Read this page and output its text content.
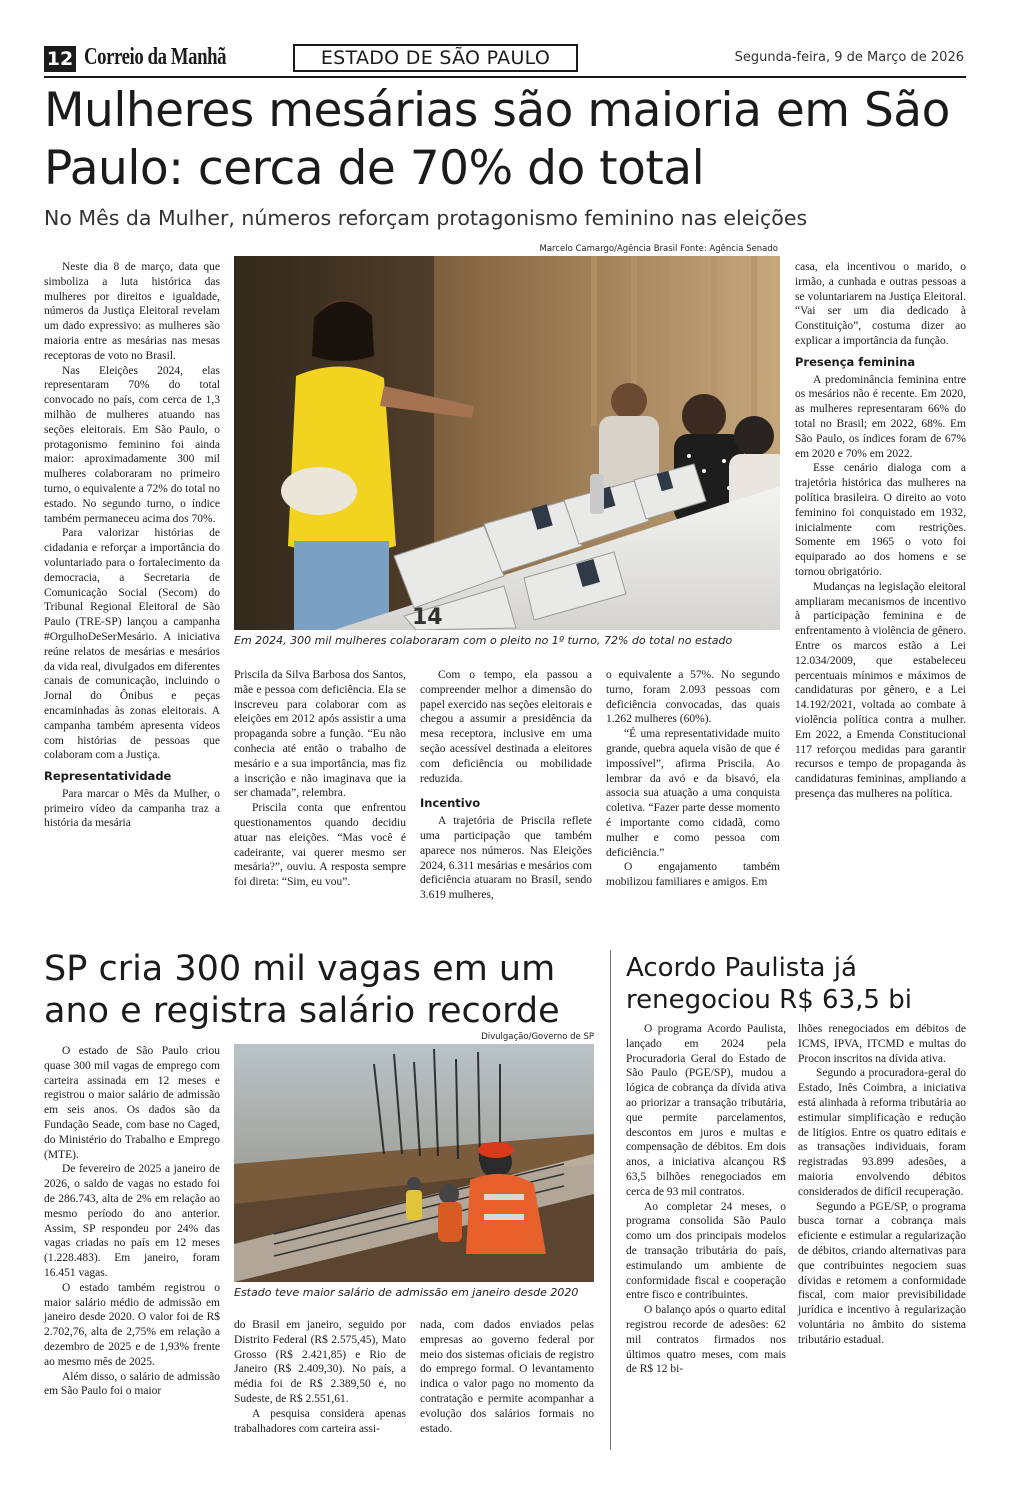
12 Correio da Manhã	ESTADO DE SÃO PAULO	Segunda-feira, 9 de Março de 2026
Mulheres mesárias são maioria em São Paulo: cerca de 70% do total
No Mês da Mulher, números reforçam protagonismo feminino nas eleições
Marcelo Camargo/Agência Brasil Fonte: Agência Senado
14
Em 2024, 300 mil mulheres colaboraram com o pleito no 1º turno, 72% do total no estado

Neste dia 8 de março, data que simboliza a luta histórica das mulheres por direitos e igualdade, números da Justiça Eleitoral revelam um dado expressivo: as mulheres são maioria entre as mesárias nas mesas receptoras de voto no Brasil.

Nas Eleições 2024, elas representaram 70% do total convocado no país, com cerca de 1,3 milhão de mulheres atuando nas seções eleitorais. Em São Paulo, o protagonismo feminino foi ainda maior: aproximadamente 300 mil mulheres colaboraram no primeiro turno, o equivalente a 72% do total no estado. No segundo turno, o índice também permaneceu acima dos 70%.

Para valorizar histórias de cidadania e reforçar a importância do voluntariado para o fortalecimento da democracia, a Secretaria de Comunicação Social (Secom) do Tribunal Regional Eleitoral de São Paulo (TRE-SP) lançou a campanha #OrgulhoDeSerMesário. A iniciativa reúne relatos de mesárias e mesários da vida real, divulgados em diferentes canais de comunicação, incluindo o Jornal do Ônibus e peças encaminhadas às zonas eleitorais. A campanha também apresenta vídeos com histórias de pessoas que colaboram com a Justiça.

Representatividade

Para marcar o Mês da Mulher, o primeiro vídeo da campanha traz a história da mesária

Priscila da Silva Barbosa dos Santos, mãe e pessoa com deficiência. Ela se inscreveu para colaborar com as eleições em 2012 após assistir a uma propaganda sobre a função. “Eu não conhecia até então o trabalho de mesário e a sua importância, mas fiz a inscrição e não imaginava que ia ser chamada”, relembra.

Priscila conta que enfrentou questionamentos quando decidiu atuar nas eleições. “Mas você é cadeirante, vai querer mesmo ser mesária?”, ouviu. A resposta sempre foi direta: “Sim, eu vou”.

Com o tempo, ela passou a compreender melhor a dimensão do papel exercido nas seções eleitorais e chegou a assumir a presidência da mesa receptora, inclusive em uma seção acessível destinada a eleitores com deficiência ou mobilidade reduzida.

Incentivo

A trajetória de Priscila reflete uma participação que também aparece nos números. Nas Eleições 2024, 6.311 mesárias e mesários com deficiência atuaram no Brasil, sendo 3.619 mulheres,

o equivalente a 57%. No segundo turno, foram 2.093 pessoas com deficiência convocadas, das quais 1.262 mulheres (60%).

“É uma representatividade muito grande, quebra aquela visão de que é impossível”, afirma Priscila. Ao lembrar da avó e da bisavó, ela associa sua atuação a uma conquista coletiva. “Fazer parte desse momento é importante como cidadã, como mulher e como pessoa com deficiência.”

O engajamento também mobilizou familiares e amigos. Em

casa, ela incentivou o marido, o irmão, a cunhada e outras pessoas a se voluntariarem na Justiça Eleitoral. “Vai ser um dia dedicado à Constituição”, costuma dizer ao explicar a importância da função.

Presença feminina

A predominância feminina entre os mesários não é recente. Em 2020, as mulheres representaram 66% do total no Brasil; em 2022, 68%. Em São Paulo, os índices foram de 67% em 2020 e 70% em 2022.

Esse cenário dialoga com a trajetória histórica das mulheres na política brasileira. O direito ao voto feminino foi conquistado em 1932, inicialmente com restrições. Somente em 1965 o voto foi equiparado ao dos homens e se tornou obrigatório.

Mudanças na legislação eleitoral ampliaram mecanismos de incentivo à participação feminina e de enfrentamento à violência de gênero. Entre os marcos estão a Lei 12.034/2009, que estabeleceu percentuais mínimos e máximos de candidaturas por gênero, e a Lei 14.192/2021, voltada ao combate à violência política contra a mulher. Em 2022, a Emenda Constitucional 117 reforçou medidas para garantir recursos e tempo de propaganda às candidaturas femininas, ampliando a presença das mulheres na política.

SP cria 300 mil vagas em um ano e registra salário recorde
Divulgação/Governo de SP
Estado teve maior salário de admissão em janeiro desde 2020

O estado de São Paulo criou quase 300 mil vagas de emprego com carteira assinada em 12 meses e registrou o maior salário de admissão em seis anos. Os dados são da Fundação Seade, com base no Caged, do Ministério do Trabalho e Emprego (MTE).

De fevereiro de 2025 a janeiro de 2026, o saldo de vagas no estado foi de 286.743, alta de 2% em relação ao mesmo período do ano anterior. Assim, SP respondeu por 24% das vagas criadas no país em 12 meses (1.228.483). Em janeiro, foram 16.451 vagas.

O estado também registrou o maior salário médio de admissão em janeiro desde 2020. O valor foi de R$ 2.702,76, alta de 2,75% em relação a dezembro de 2025 e de 1,93% frente ao mesmo mês de 2025.

Além disso, o salário de admissão em São Paulo foi o maior

do Brasil em janeiro, seguido por Distrito Federal (R$ 2.575,45), Mato Grosso (R$ 2.421,85) e Rio de Janeiro (R$ 2.409,30). No país, a média foi de R$ 2.389,50 e, no Sudeste, de R$ 2.551,61.

A pesquisa considera apenas trabalhadores com carteira assi-

nada, com dados enviados pelas empresas ao governo federal por meio dos sistemas oficiais de registro do emprego formal. O levantamento indica o valor pago no momento da contratação e permite acompanhar a evolução dos salários formais no estado.

Acordo Paulista já renegociou R$ 63,5 bi

O programa Acordo Paulista, lançado em 2024 pela Procuradoria Geral do Estado de São Paulo (PGE/SP), mudou a lógica de cobrança da dívida ativa ao priorizar a transação tributária, que permite parcelamentos, descontos em juros e multas e compensação de débitos. Em dois anos, a iniciativa alcançou R$ 63,5 bilhões renegociados em cerca de 93 mil contratos.

Ao completar 24 meses, o programa consolida São Paulo como um dos principais modelos de transação tributária do país, estimulando um ambiente de conformidade fiscal e cooperação entre fisco e contribuintes.

O balanço após o quarto edital registrou recorde de adesões: 62 mil contratos firmados nos últimos quatro meses, com mais de R$ 12 bi-

lhões renegociados em débitos de ICMS, IPVA, ITCMD e multas do Procon inscritos na dívida ativa.

Segundo a procuradora-geral do Estado, Inês Coimbra, a iniciativa está alinhada à reforma tributária ao estimular simplificação e redução de litígios. Entre os quatro editais e as transações individuais, foram registradas 93.899 adesões, a maioria envolvendo débitos considerados de difícil recuperação.

Segundo a PGE/SP, o programa busca tornar a cobrança mais eficiente e estimular a regularização de débitos, criando alternativas para que contribuintes negociem suas dívidas e retomem a conformidade fiscal, com maior previsibilidade jurídica e incentivo à regularização voluntária no âmbito do sistema tributário estadual.
